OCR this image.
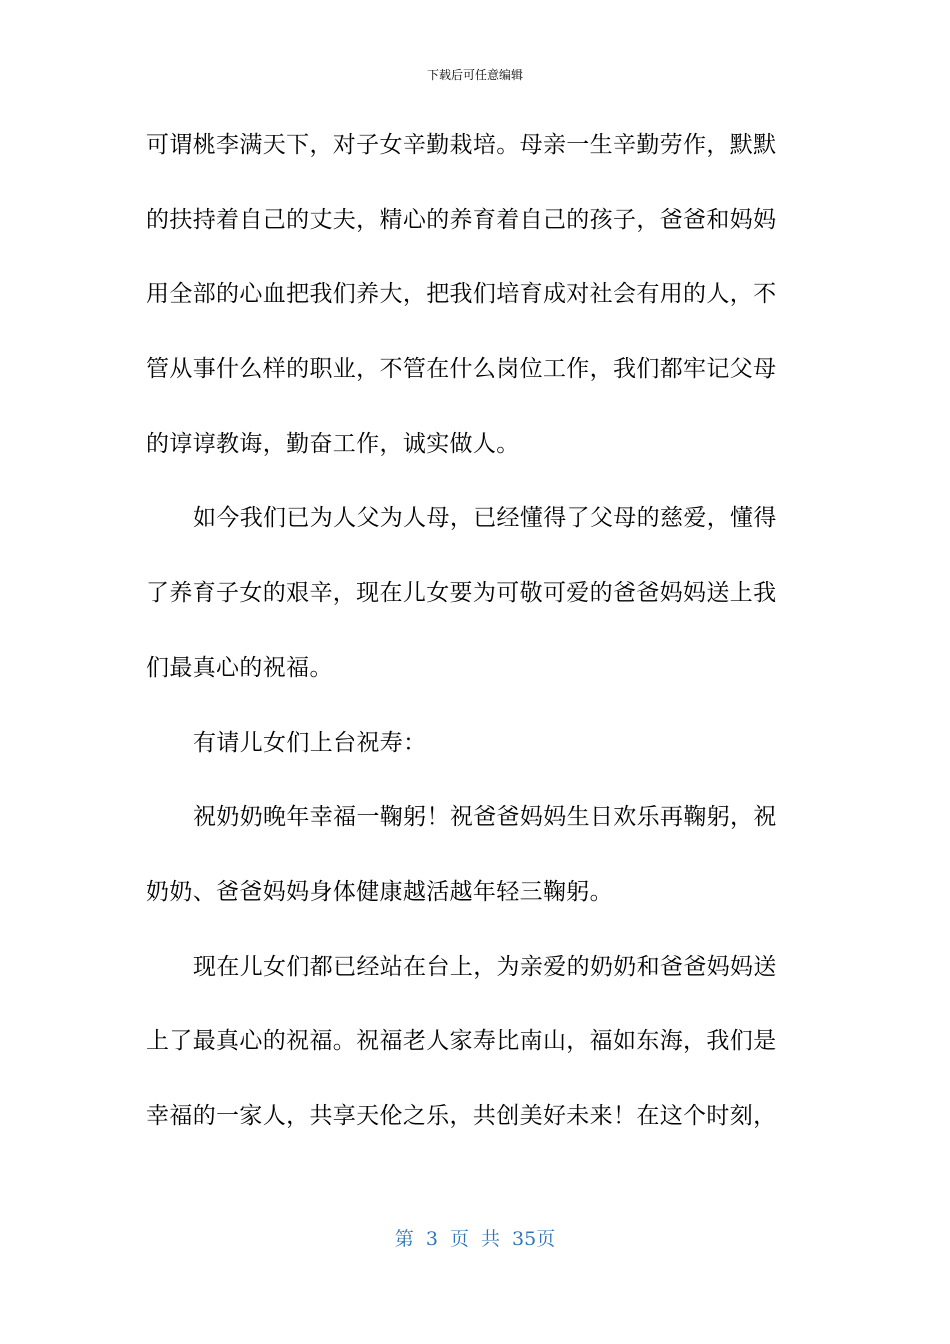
下载后可任意编辑
可谓桃李满天下，对子女辛勤栽培。母亲一生辛勤劳作，默默
的扶持着自己的丈夫，精心的养育着自己的孩子，爸爸和妈妈
用全部的心血把我们养大，把我们培育成对社会有用的人，不
管从事什么样的职业，不管在什么岗位工作，我们都牢记父母
的谆谆教诲，勤奋工作，诚实做人。
如今我们已为人父为人母，已经懂得了父母的慈爱，懂得
了养育子女的艰辛，现在儿女要为可敬可爱的爸爸妈妈送上我
们最真心的祝福。
有请儿女们上台祝寿：
祝奶奶晚年幸福一鞠躬！祝爸爸妈妈生日欢乐再鞠躬，祝
奶奶、爸爸妈妈身体健康越活越年轻三鞠躬。
现在儿女们都已经站在台上，为亲爱的奶奶和爸爸妈妈送
上了最真心的祝福。祝福老人家寿比南山，福如东海，我们是
幸福的一家人，共享天伦之乐，共创美好未来！在这个时刻，
第 3 页 共 35页
